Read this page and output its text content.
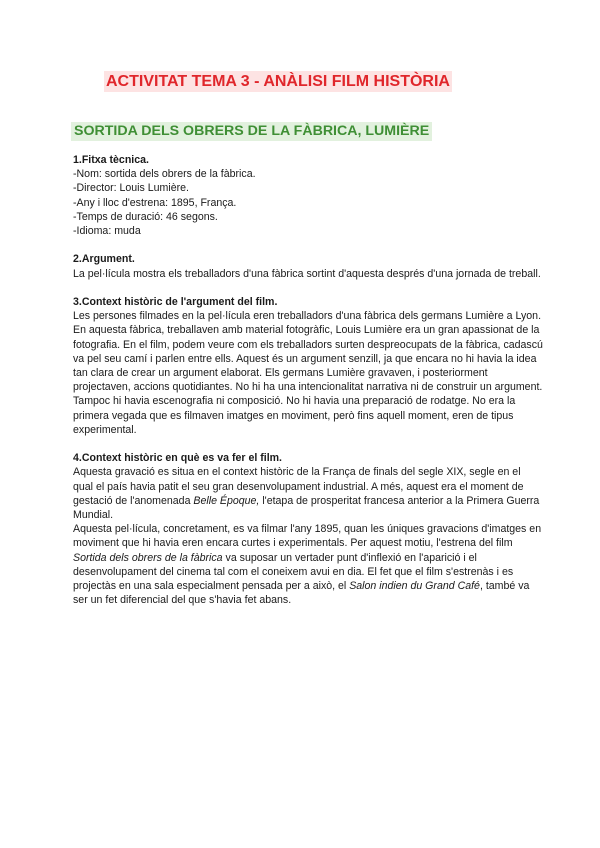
ACTIVITAT TEMA 3 - ANÀLISI FILM HISTÒRIA
SORTIDA DELS OBRERS DE LA FÀBRICA, LUMIÈRE

1.Fitxa tècnica.

-Nom: sortida dels obrers de la fàbrica.

-Director: Louis Lumière.

-Any i lloc d'estrena: 1895, França.

-Temps de duració: 46 segons.

-Idioma: muda

2.Argument.

La pel·lícula mostra els treballadors d'una fàbrica sortint d'aquesta després d'una jornada de treball.

3.Context històric de l'argument del film.

Les persones filmades en la pel·lícula eren treballadors d'una fàbrica dels germans Lumière a Lyon. En aquesta fàbrica, treballaven amb material fotogràfic, Louis Lumière era un gran apassionat de la fotografia. En el film, podem veure com els treballadors surten despreocupats de la fàbrica, cadascú va pel seu camí i parlen entre ells. Aquest és un argument senzill, ja que encara no hi havia la idea tan clara de crear un argument elaborat. Els germans Lumière gravaven, i posteriorment projectaven, accions quotidiantes. No hi ha una intencionalitat narrativa ni de construir un argument. Tampoc hi havia escenografia ni composició. No hi havia una preparació de rodatge. No era la primera vegada que es filmaven imatges en moviment, però fins aquell moment, eren de tipus experimental.

4.Context històric en què es va fer el film.

Aquesta gravació es situa en el context històric de la França de finals del segle XIX, segle en el qual el país havia patit el seu gran desenvolupament industrial. A més, aquest era el moment de gestació de l'anomenada Belle Époque, l'etapa de prosperitat francesa anterior a la Primera Guerra Mundial.

Aquesta pel·lícula, concretament, es va filmar l'any 1895, quan les úniques gravacions d'imatges en moviment que hi havia eren encara curtes i experimentals. Per aquest motiu, l'estrena del film Sortida dels obrers de la fàbrica va suposar un vertader punt d'inflexió en l'aparició i el desenvolupament del cinema tal com el coneixem avui en dia. El fet que el film s'estrenàs i es projectàs en una sala especialment pensada per a això, el Salon indien du Grand Café, també va ser un fet diferencial del que s'havia fet abans.
